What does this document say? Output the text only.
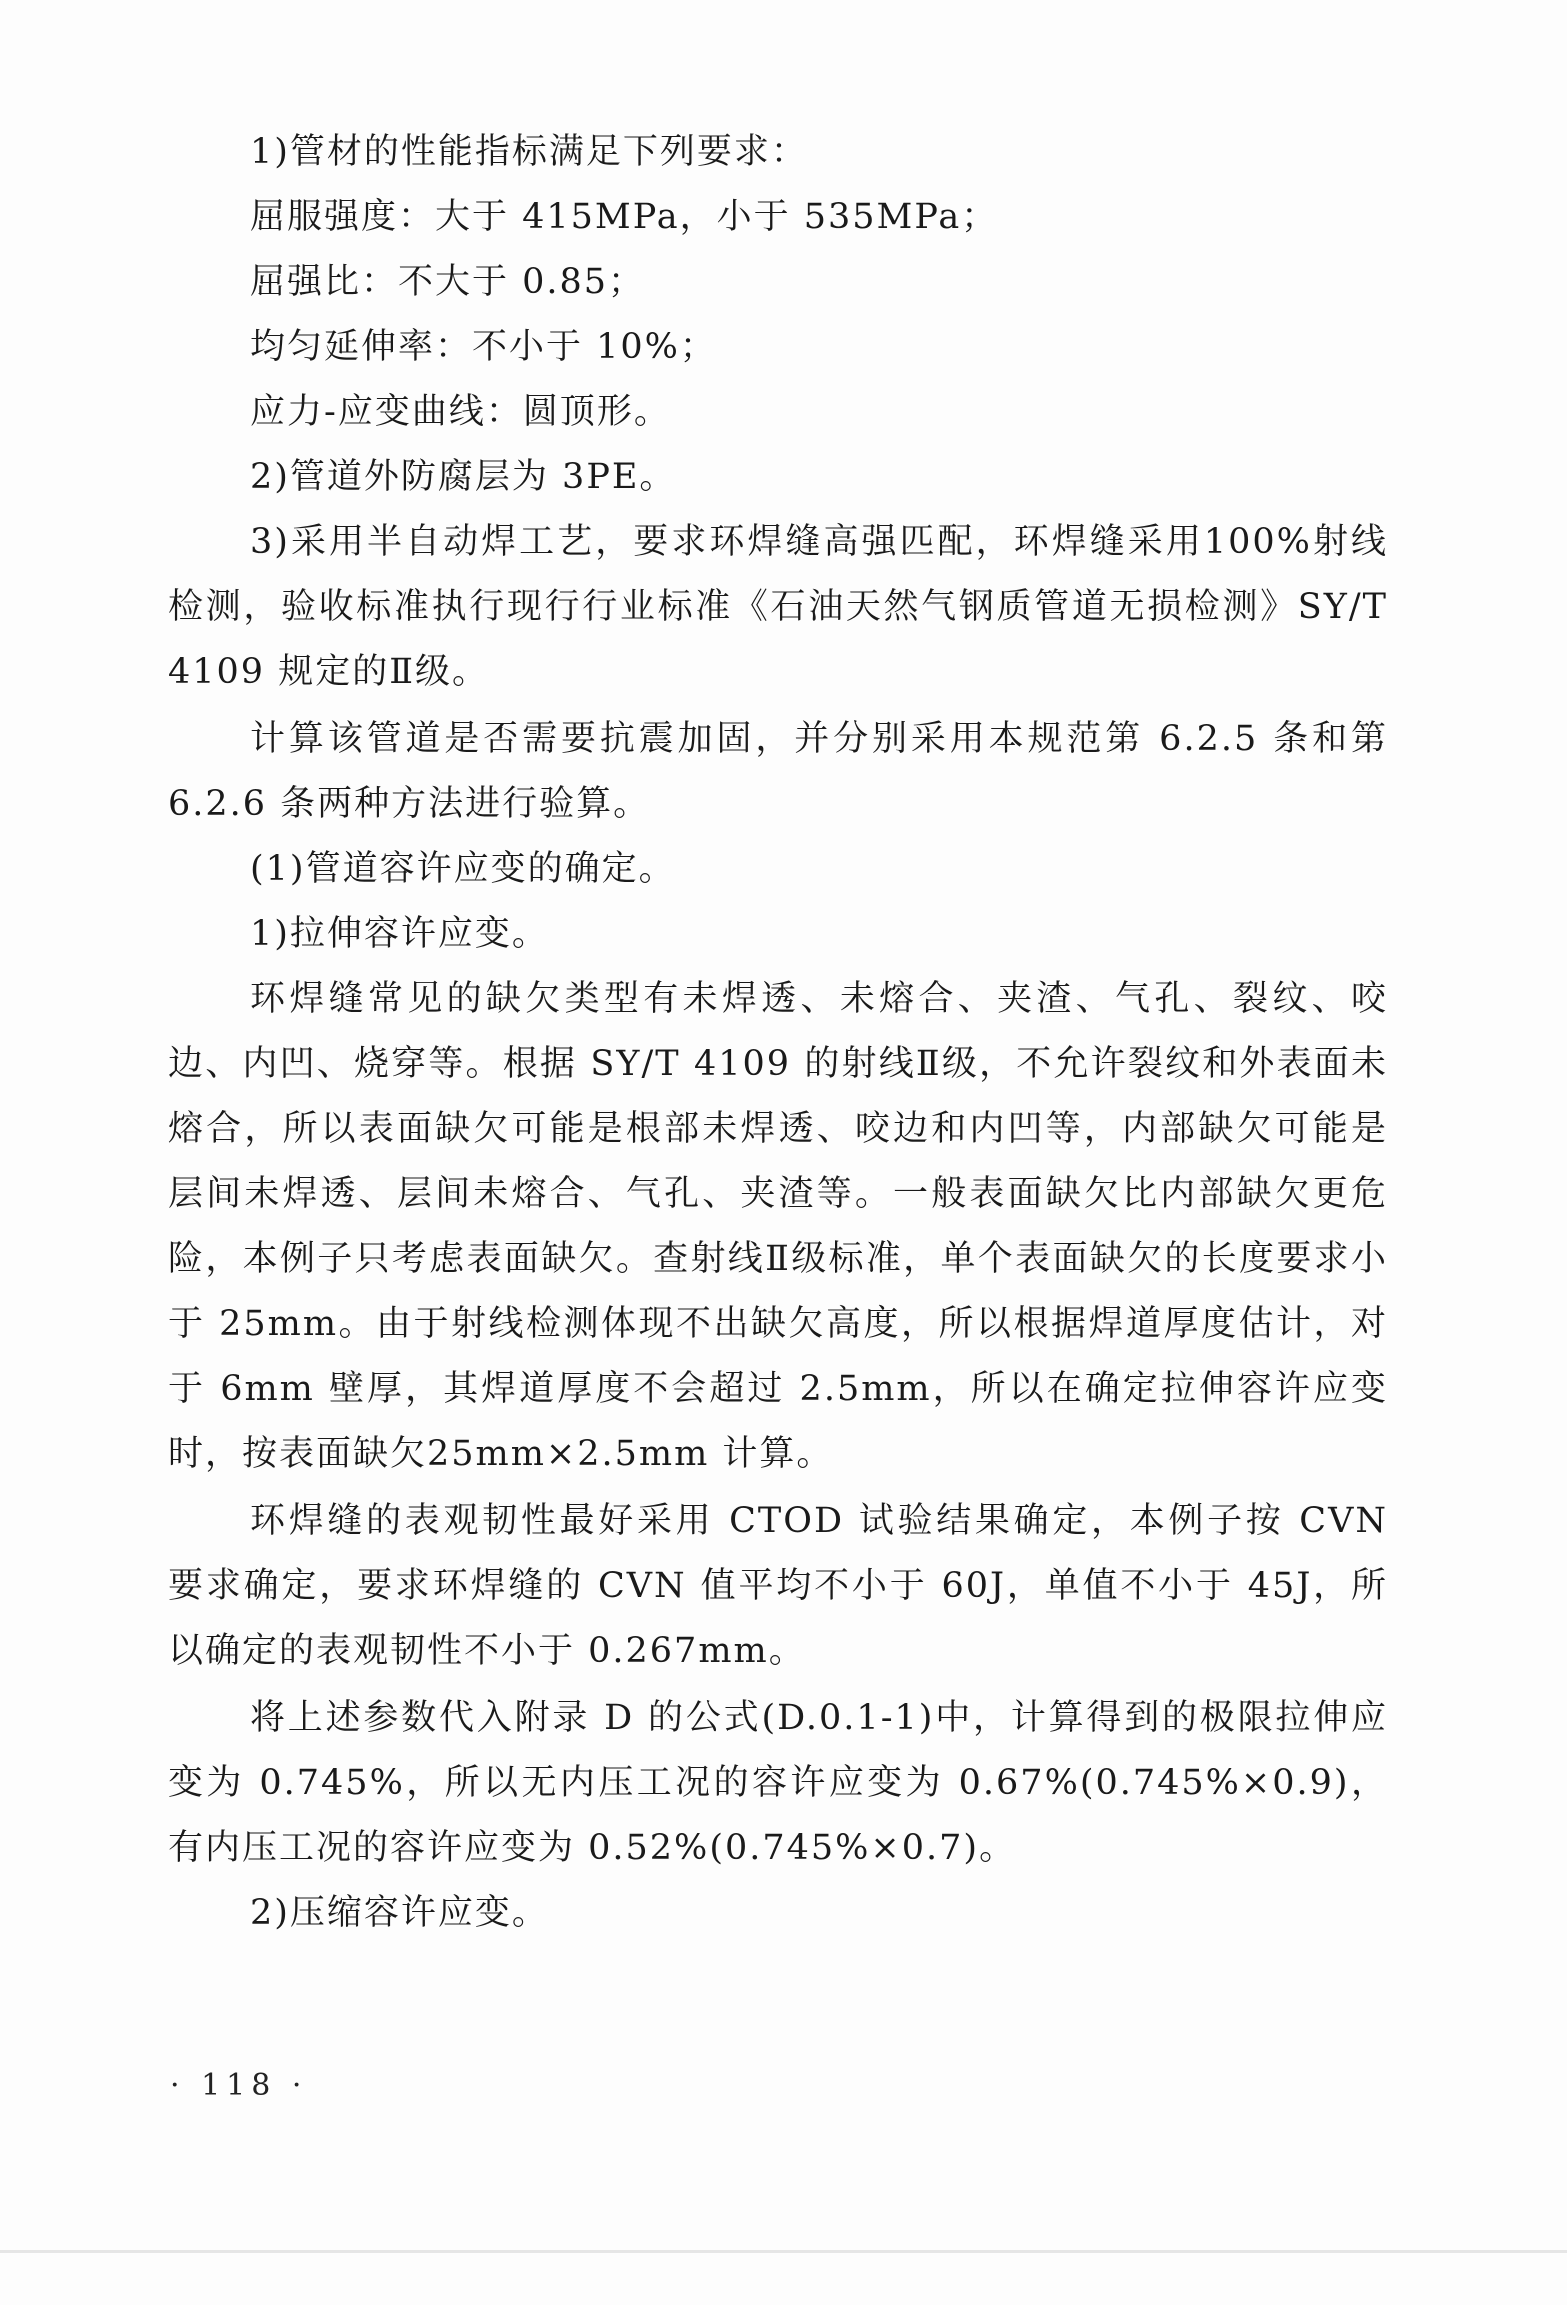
1)管材的性能指标满足下列要求：

屈服强度：大于 415MPa，小于 535MPa；

屈强比：不大于 0.85；

均匀延伸率：不小于 10%；

应力-应变曲线：圆顶形。

2)管道外防腐层为 3PE。

3)采用半自动焊工艺，要求环焊缝高强匹配，环焊缝采用100%射线检测，验收标准执行现行行业标准《石油天然气钢质管道无损检测》SY/T 4109 规定的Ⅱ级。

计算该管道是否需要抗震加固，并分别采用本规范第 6.2.5 条和第 6.2.6 条两种方法进行验算。

(1)管道容许应变的确定。

1)拉伸容许应变。

环焊缝常见的缺欠类型有未焊透、未熔合、夹渣、气孔、裂纹、咬边、内凹、烧穿等。根据 SY/T 4109 的射线Ⅱ级，不允许裂纹和外表面未熔合，所以表面缺欠可能是根部未焊透、咬边和内凹等，内部缺欠可能是层间未焊透、层间未熔合、气孔、夹渣等。一般表面缺欠比内部缺欠更危险，本例子只考虑表面缺欠。查射线Ⅱ级标准，单个表面缺欠的长度要求小于 25mm。由于射线检测体现不出缺欠高度，所以根据焊道厚度估计，对于 6mm 壁厚，其焊道厚度不会超过 2.5mm，所以在确定拉伸容许应变时，按表面缺欠25mm×2.5mm 计算。

环焊缝的表观韧性最好采用 CTOD 试验结果确定，本例子按 CVN 要求确定，要求环焊缝的 CVN 值平均不小于 60J，单值不小于 45J，所以确定的表观韧性不小于 0.267mm。

将上述参数代入附录 D 的公式(D.0.1-1)中，计算得到的极限拉伸应变为 0.745%，所以无内压工况的容许应变为 0.67%(0.745%×0.9)，有内压工况的容许应变为 0.52%(0.745%×0.7)。

2)压缩容许应变。

· 118 ·
